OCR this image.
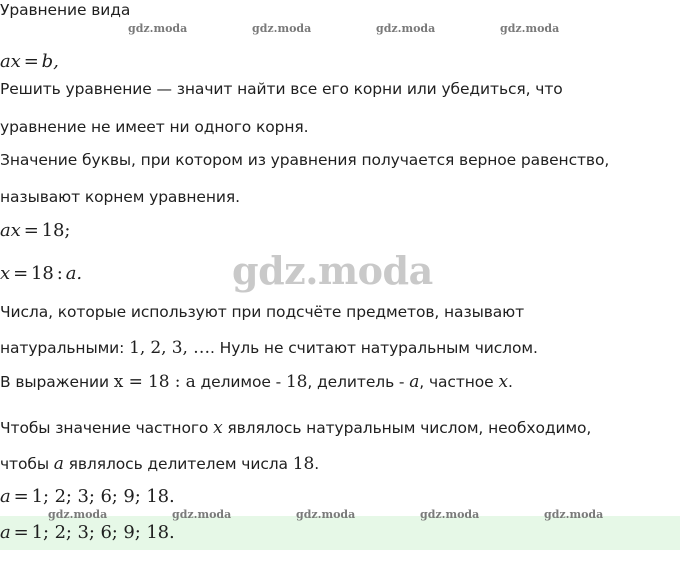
Уравнение вида
ax = b,
Решить уравнение — значит найти все его корни или убедиться, что
уравнение не имеет ни одного корня.
Значение буквы, при котором из уравнения получается верное равенство,
называют корнем уравнения.
ax = 18;
x = 18 : a.
Числа, которые используют при подсчёте предметов, называют
натуральными: 1, 2, 3, …. Нуль не считают натуральным числом.
В выражении x = 18 : a делимое - 18, делитель - a, частное x.
Чтобы значение частного x являлось натуральным числом, необходимо,
чтобы a являлось делителем числа 18.
a = 1; 2; 3; 6; 9; 18.
a = 1; 2; 3; 6; 9; 18.
gdz.moda	gdz.moda	gdz.moda	gdz.moda
gdz.moda
gdz.moda	gdz.moda	gdz.moda	gdz.moda	gdz.moda
